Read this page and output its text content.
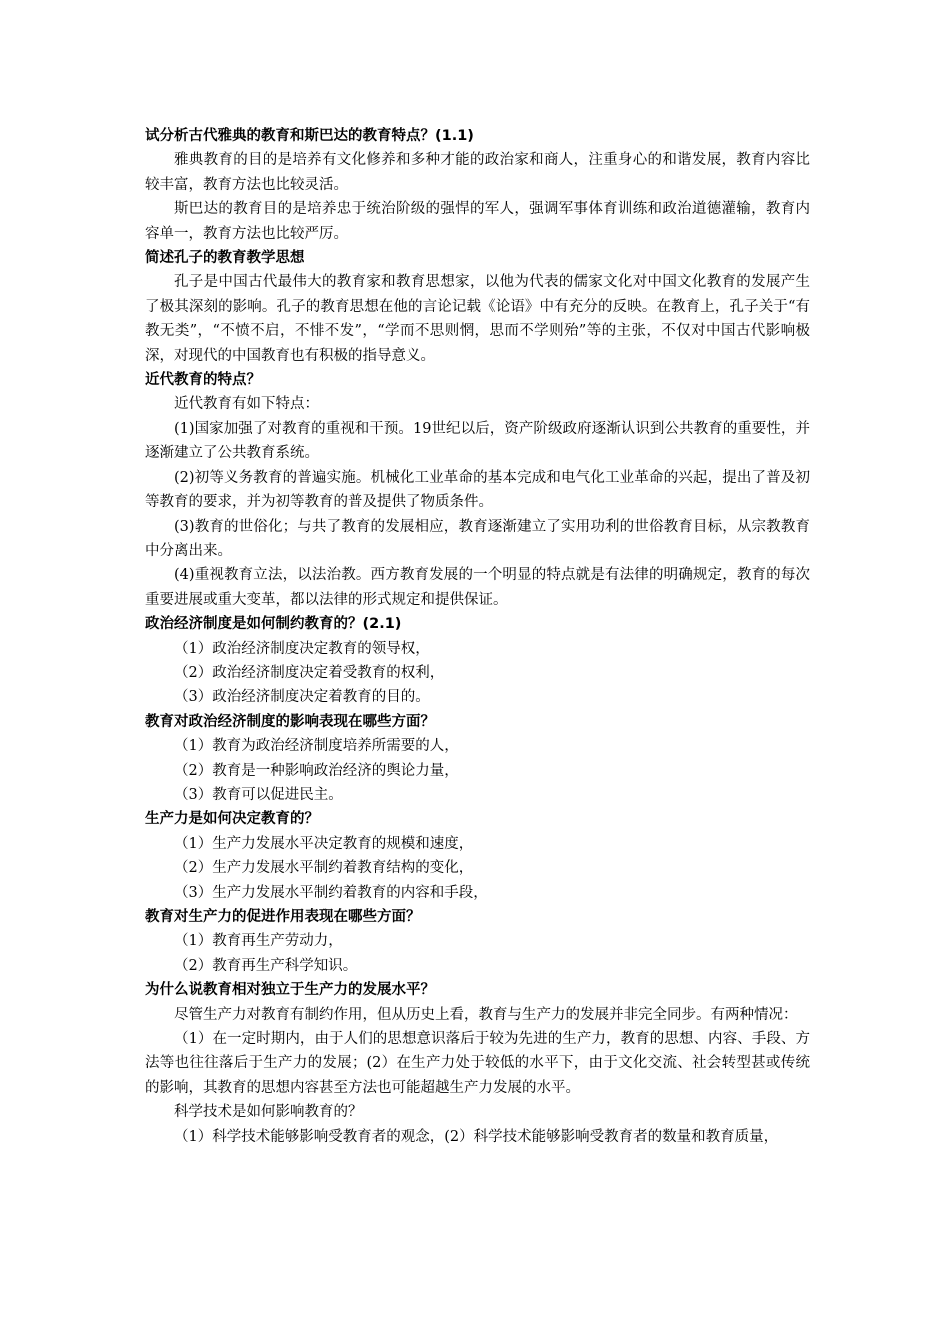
试分析古代雅典的教育和斯巴达的教育特点？(1.1)

雅典教育的目的是培养有文化修养和多种才能的政治家和商人，注重身心的和谐发展，教育内容比较丰富，教育方法也比较灵活。

斯巴达的教育目的是培养忠于统治阶级的强悍的军人，强调军事体育训练和政治道德灌输，教育内容单一，教育方法也比较严厉。

简述孔子的教育教学思想

孔子是中国古代最伟大的教育家和教育思想家，以他为代表的儒家文化对中国文化教育的发展产生了极其深刻的影响。孔子的教育思想在他的言论记载《论语》中有充分的反映。在教育上，孔子关于“有教无类”，“不愤不启，不悱不发”，“学而不思则惘，思而不学则殆”等的主张，不仅对中国古代影响极深，对现代的中国教育也有积极的指导意义。

近代教育的特点？

近代教育有如下特点：

(1)国家加强了对教育的重视和干预。19世纪以后，资产阶级政府逐渐认识到公共教育的重要性，并逐渐建立了公共教育系统。

(2)初等义务教育的普遍实施。机械化工业革命的基本完成和电气化工业革命的兴起，提出了普及初等教育的要求，并为初等教育的普及提供了物质条件。

(3)教育的世俗化；与共了教育的发展相应，教育逐渐建立了实用功利的世俗教育目标，从宗教教育中分离出来。

(4)重视教育立法，以法治教。西方教育发展的一个明显的特点就是有法律的明确规定，教育的每次重要进展或重大变革，都以法律的形式规定和提供保证。

政治经济制度是如何制约教育的？(2.1)

（1）政治经济制度决定教育的领导权，

（2）政治经济制度决定着受教育的权利，

（3）政治经济制度决定着教育的目的。

教育对政治经济制度的影响表现在哪些方面？

（1）教育为政治经济制度培养所需要的人，

（2）教育是一种影响政治经济的舆论力量，

（3）教育可以促进民主。

生产力是如何决定教育的？

（1）生产力发展水平决定教育的规模和速度，

（2）生产力发展水平制约着教育结构的变化，

（3）生产力发展水平制约着教育的内容和手段，

教育对生产力的促进作用表现在哪些方面？

（1）教育再生产劳动力，

（2）教育再生产科学知识。

为什么说教育相对独立于生产力的发展水平？

尽管生产力对教育有制约作用，但从历史上看，教育与生产力的发展并非完全同步。有两种情况：

（1）在一定时期内，由于人们的思想意识落后于较为先进的生产力，教育的思想、内容、手段、方法等也往往落后于生产力的发展；(2）在生产力处于较低的水平下，由于文化交流、社会转型甚或传统的影响，其教育的思想内容甚至方法也可能超越生产力发展的水平。

科学技术是如何影响教育的？

（1）科学技术能够影响受教育者的观念，(2）科学技术能够影响受教育者的数量和教育质量，
